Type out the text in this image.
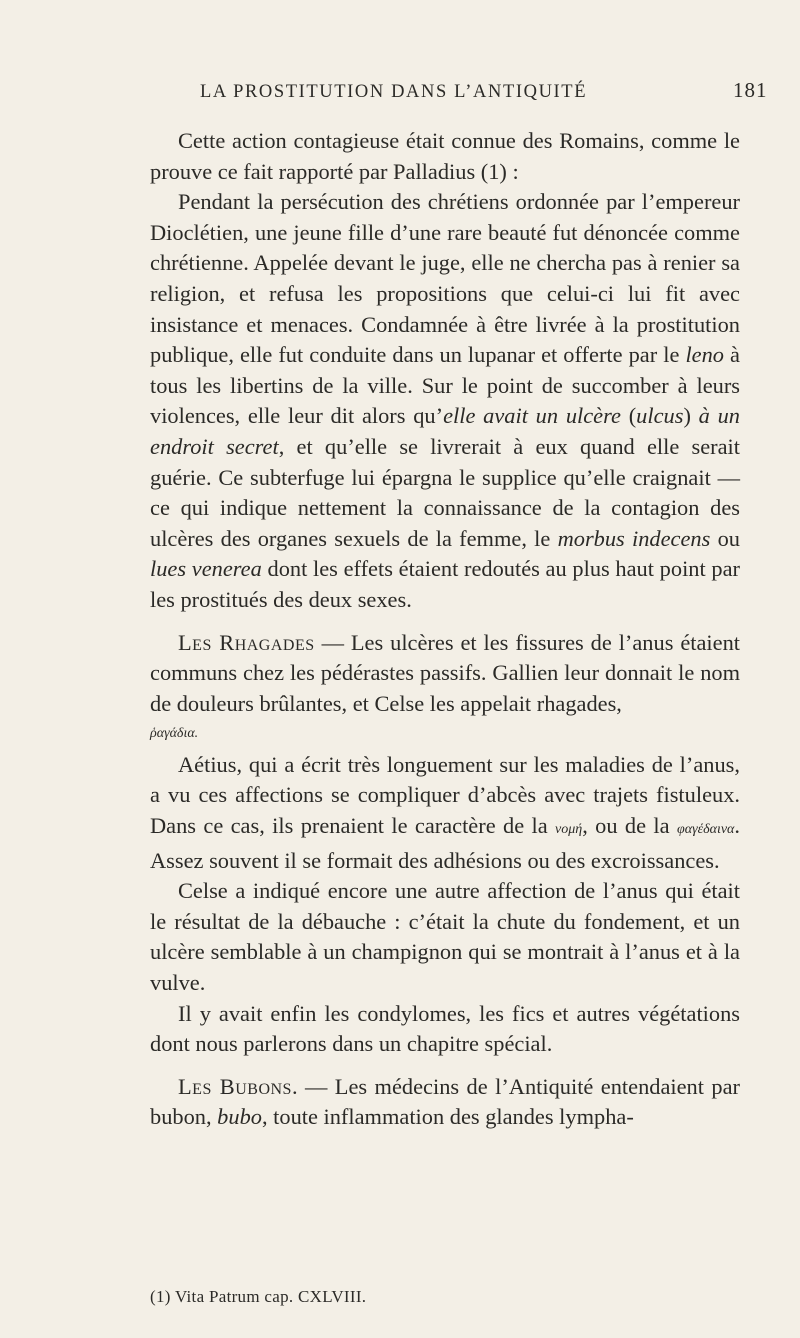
LA PROSTITUTION DANS L’ANTIQUITÉ	181

Cette action contagieuse était connue des Romains, comme le prouve ce fait rapporté par Palladius (1) :

Pendant la persécution des chrétiens ordonnée par l’empereur Dioclétien, une jeune fille d’une rare beauté fut dénoncée comme chrétienne. Appelée devant le juge, elle ne chercha pas à renier sa religion, et refusa les propositions que celui-ci lui fit avec insistance et menaces. Condamnée à être livrée à la prostitution publique, elle fut conduite dans un lupanar et offerte par le leno à tous les libertins de la ville. Sur le point de succomber à leurs violences, elle leur dit alors qu’elle avait un ulcère (ulcus) à un endroit secret, et qu’elle se livrerait à eux quand elle serait guérie. Ce subterfuge lui épargna le supplice qu’elle craignait — ce qui indique nettement la connaissance de la contagion des ulcères des organes sexuels de la femme, le morbus indecens ou lues venerea dont les effets étaient redoutés au plus haut point par les prostitués des deux sexes.

Les Rhagades — Les ulcères et les fissures de l’anus étaient communs chez les pédérastes passifs. Gallien leur donnait le nom de douleurs brûlantes, et Celse les appelait rhagades,

ῥαγάδια.

Aétius, qui a écrit très longuement sur les maladies de l’anus, a vu ces affections se compliquer d’abcès avec trajets fistuleux. Dans ce cas, ils prenaient le caractère de la νομή, ou de la φαγέδαινα. Assez souvent il se formait des adhésions ou des excroissances.

Celse a indiqué encore une autre affection de l’anus qui était le résultat de la débauche : c’était la chute du fondement, et un ulcère semblable à un champignon qui se montrait à l’anus et à la vulve.

Il y avait enfin les condylomes, les fics et autres végétations dont nous parlerons dans un chapitre spécial.

Les Bubons. — Les médecins de l’Antiquité entendaient par bubon, bubo, toute inflammation des glandes lympha-

(1) Vita Patrum cap. CXLVIII.
